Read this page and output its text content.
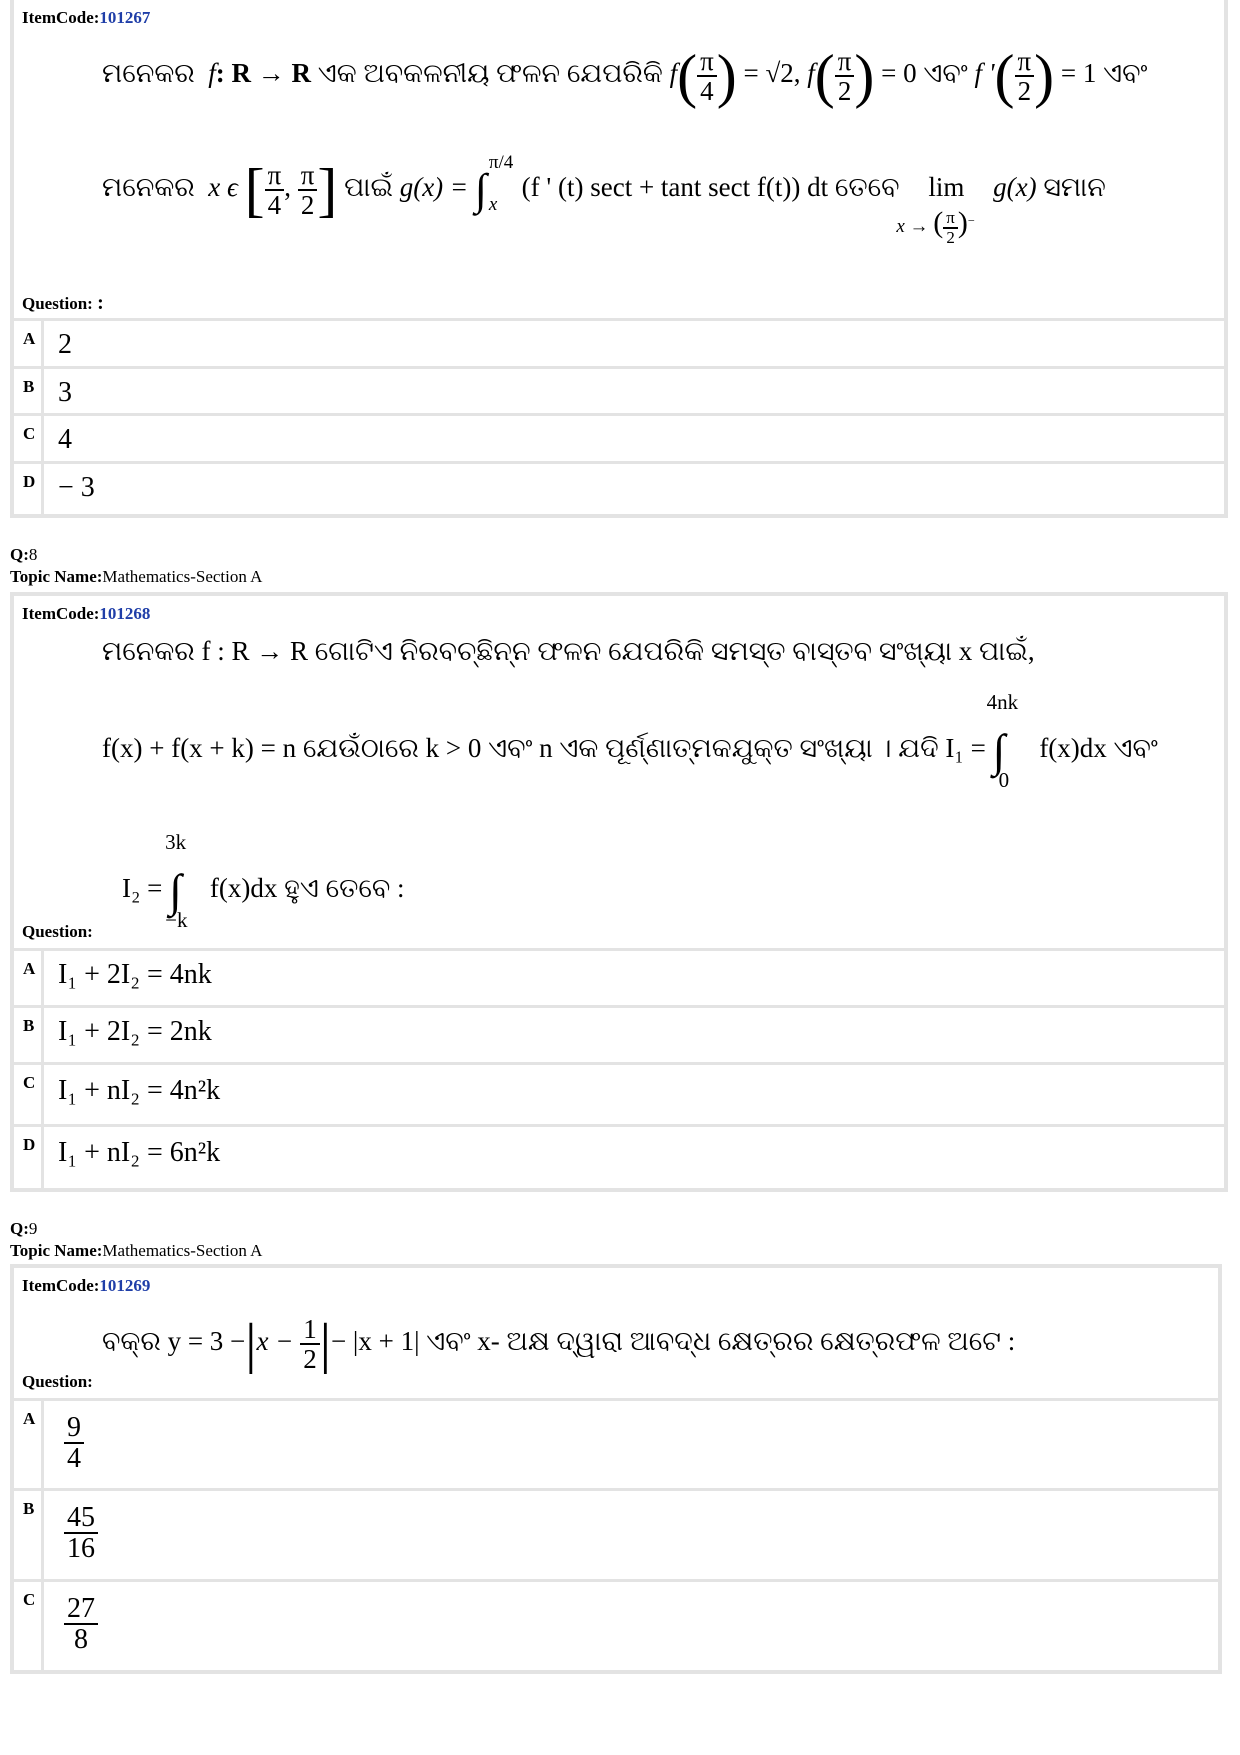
ItemCode:101267
ମନେକର f: R → R ଏକ ଅବକଳନୀୟ ଫଳନ ଯେପରିକି $f( \frac{\pi}{4}$ ) = √2, $f( \frac{\pi}{2}$ ) = 0 ଏବଂ f '( $\frac{\pi}{2}$ ) = 1 ଏବଂ
ମନେକର x ϵ [ $\frac{\pi}{4}$ , $\frac{\pi}{2}$ ] ପାଇଁ g(x) = ∫
π/4
x
(f ' (t) sect + tant sect f(t)) dt ତେବେ lim
x → ( $\frac{\pi}{2} )^-$
g(x) ସମାନ
Question: :
A 2
B 3
C 4
D − 3
Q:8
Topic Name:Mathematics-Section A
ItemCode:101268
ମନେକର f : R → R ଗୋଟିଏ ନିରବଚ୍ଛିନ୍ନ ଫଳନ ଯେପରିକି ସମସ୍ତ ବାସ୍ତବ ସଂଖ୍ୟା x ପାଇଁ,
f(x) + f(x + k) = n ଯେଉଁଠାରେ k > 0 ଏବଂ n ଏକ ପୂର୍ଣ୍ଣାତ୍ମକଯୁକ୍ତ ସଂଖ୍ୟା । ଯଦି I₁ = ∫
4nk
0
f(x)dx ଏବଂ
I₂ = ∫
3k
−k
f(x)dx ହୁଏ ତେବେ :
Question:
A I₁ + 2I₂ = 4nk
B I₁ + 2I₂ = 2nk
C I₁ + nI₂ = 4n²k
D I₁ + nI₂ = 6n²k
Q:9
Topic Name:Mathematics-Section A
ItemCode:101269
ବକ୍ର $y = 3 -|x - \frac{1}{2}$ |− |x + 1| ଏବଂ x- ଅକ୍ଷ ଦ୍ୱାରା ଆବଦ୍ଧ କ୍ଷେତ୍ରର କ୍ଷେତ୍ରଫଳ ଅଟେ :
Question:
A	$\frac{9}{4}$
B	$\frac{45}{16}$
C	$\frac{27}{8}$
